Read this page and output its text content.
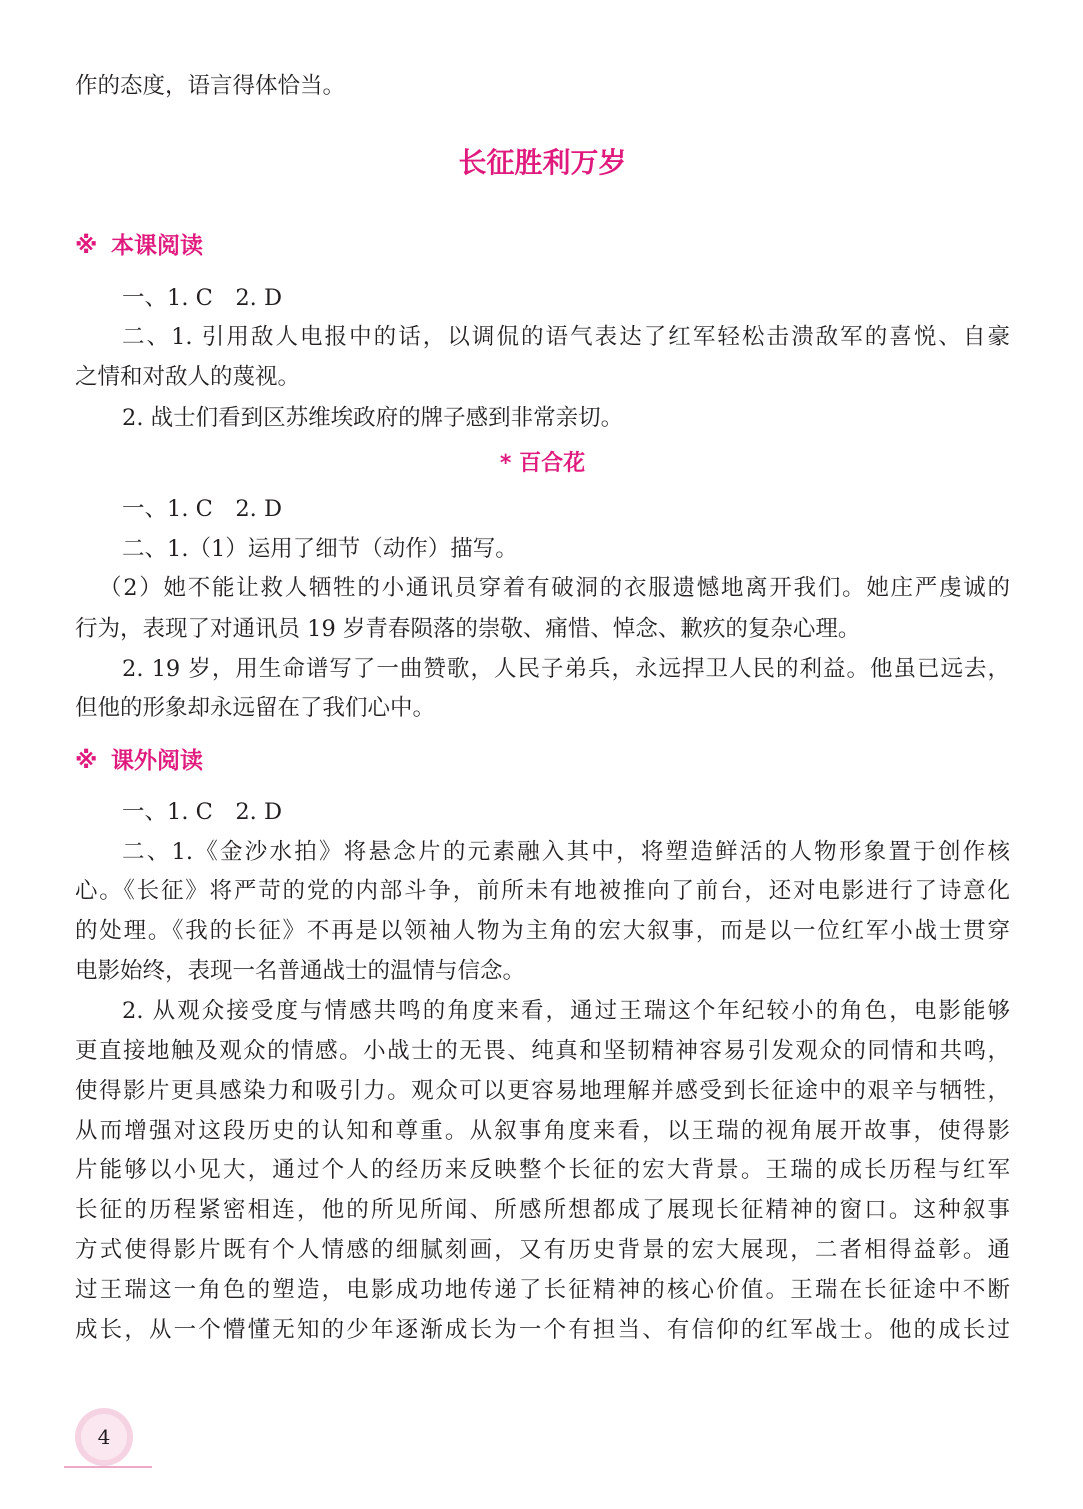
作的态度，语言得体恰当。
长征胜利万岁
※ 本课阅读
一、1. C　2. D
二、1. 引用敌人电报中的话，以调侃的语气表达了红军轻松击溃敌军的喜悦、自豪
之情和对敌人的蔑视。
2. 战士们看到区苏维埃政府的牌子感到非常亲切。
* 百合花
一、1. C　2. D
二、1.（1）运用了细节（动作）描写。
（2）她不能让救人牺牲的小通讯员穿着有破洞的衣服遗憾地离开我们。她庄严虔诚的
行为，表现了对通讯员 19 岁青春陨落的崇敬、痛惜、悼念、歉疚的复杂心理。
2. 19 岁，用生命谱写了一曲赞歌，人民子弟兵，永远捍卫人民的利益。他虽已远去，
但他的形象却永远留在了我们心中。
※ 课外阅读
一、1. C　2. D
二、1.《金沙水拍》将悬念片的元素融入其中，将塑造鲜活的人物形象置于创作核
心。《长征》将严苛的党的内部斗争，前所未有地被推向了前台，还对电影进行了诗意化
的处理。《我的长征》不再是以领袖人物为主角的宏大叙事，而是以一位红军小战士贯穿
电影始终，表现一名普通战士的温情与信念。
2. 从观众接受度与情感共鸣的角度来看，通过王瑞这个年纪较小的角色，电影能够
更直接地触及观众的情感。小战士的无畏、纯真和坚韧精神容易引发观众的同情和共鸣，
使得影片更具感染力和吸引力。观众可以更容易地理解并感受到长征途中的艰辛与牺牲，
从而增强对这段历史的认知和尊重。从叙事角度来看，以王瑞的视角展开故事，使得影
片能够以小见大，通过个人的经历来反映整个长征的宏大背景。王瑞的成长历程与红军
长征的历程紧密相连，他的所见所闻、所感所想都成了展现长征精神的窗口。这种叙事
方式使得影片既有个人情感的细腻刻画，又有历史背景的宏大展现，二者相得益彰。通
过王瑞这一角色的塑造，电影成功地传递了长征精神的核心价值。王瑞在长征途中不断
成长，从一个懵懂无知的少年逐渐成长为一个有担当、有信仰的红军战士。他的成长过
4
